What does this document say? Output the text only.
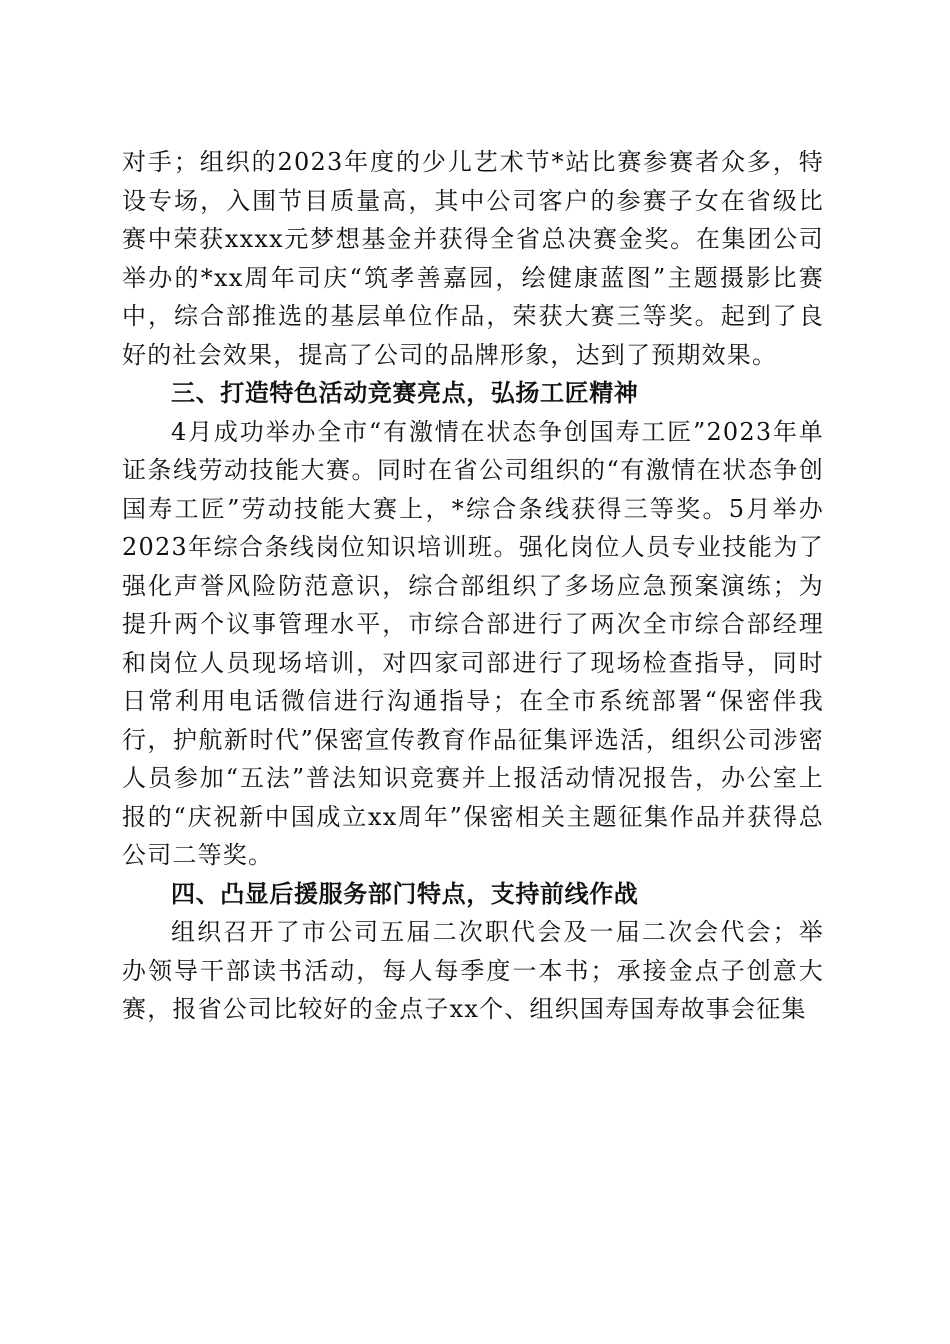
对手；组织的2023年度的少儿艺术节*站比赛参赛者众多，特设专场，入围节目质量高，其中公司客户的参赛子女在省级比赛中荣获xxxx元梦想基金并获得全省总决赛金奖。在集团公司举办的*xx周年司庆“筑孝善嘉园，绘健康蓝图”主题摄影比赛中，综合部推选的基层单位作品，荣获大赛三等奖。起到了良好的社会效果，提高了公司的品牌形象，达到了预期效果。

三、打造特色活动竞赛亮点，弘扬工匠精神

4月成功举办全市“有激情在状态争创国寿工匠”2023年单证条线劳动技能大赛。同时在省公司组织的“有激情在状态争创国寿工匠”劳动技能大赛上，*综合条线获得三等奖。5月举办2023年综合条线岗位知识培训班。强化岗位人员专业技能为了强化声誉风险防范意识，综合部组织了多场应急预案演练；为提升两个议事管理水平，市综合部进行了两次全市综合部经理和岗位人员现场培训，对四家司部进行了现场检查指导，同时日常利用电话微信进行沟通指导；在全市系统部署“保密伴我行，护航新时代”保密宣传教育作品征集评选活，组织公司涉密人员参加“五法”普法知识竞赛并上报活动情况报告，办公室上报的“庆祝新中国成立xx周年”保密相关主题征集作品并获得总公司二等奖。

四、凸显后援服务部门特点，支持前线作战

组织召开了市公司五届二次职代会及一届二次会代会；举办领导干部读书活动，每人每季度一本书；承接金点子创意大赛，报省公司比较好的金点子xx个、组织国寿国寿故事会征集
